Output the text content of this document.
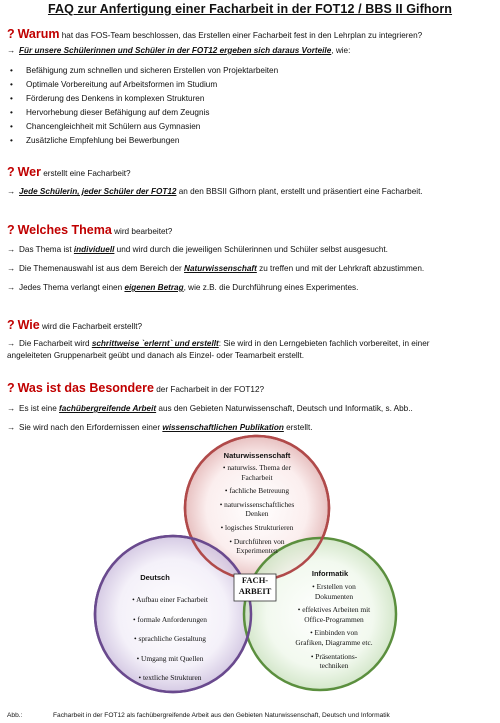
FAQ zur Anfertigung einer Facharbeit in der FOT12 / BBS II Gifhorn
? Warum hat das FOS-Team beschlossen, das Erstellen einer Facharbeit fest in den Lehrplan zu integrieren?
→ Für unsere Schülerinnen und Schüler in der FOT12 ergeben sich daraus Vorteile, wie:
• Befähigung zum schnellen und sicheren Erstellen von Projektarbeiten
• Optimale Vorbereitung auf Arbeitsformen im Studium
• Förderung des Denkens in komplexen Strukturen
• Hervorhebung dieser Befähigung auf dem Zeugnis
• Chancengleichheit mit Schülern aus Gymnasien
• Zusätzliche Empfehlung bei Bewerbungen
? Wer erstellt eine Facharbeit?
→ Jede Schülerin, jeder Schüler der FOT12 an den BBSII Gifhorn plant, erstellt und präsentiert eine Facharbeit.
? Welches Thema wird bearbeitet?
→ Das Thema ist individuell und wird durch die jeweiligen Schülerinnen und Schüler selbst ausgesucht.
→ Die Themenauswahl ist aus dem Bereich der Naturwissenschaft zu treffen und mit der Lehrkraft abzustimmen.
→ Jedes Thema verlangt einen eigenen Betrag, wie z.B. die Durchführung eines Experimentes.
? Wie wird die Facharbeit erstellt?
→ Die Facharbeit wird schrittweise `erlernt` und erstellt: Sie wird in den Lerngebieten fachlich vorbereitet, in einer
angeleiteten Gruppenarbeit geübt und danach als Einzel- oder Teamarbeit erstellt.
? Was ist das Besondere der Facharbeit in der FOT12?
→ Es ist eine fachübergreifende Arbeit aus den Gebieten Naturwissenschaft, Deutsch und Informatik, s. Abb..
→ Sie wird nach den Erfordernissen einer wissenschaftlichen Publikation erstellt.
FACH-
ARBEIT
Naturwissenschaft
• naturwiss. Thema der
Facharbeit
• fachliche Betreuung
• naturwissenschaftliches
Denken
• logisches Strukturieren
• Durchführen von
Experimenten
Deutsch
• Aufbau einer Facharbeit
• formale Anforderungen
• sprachliche Gestaltung
• Umgang mit Quellen
• textliche Strukturen
Informatik
• Erstellen von
Dokumenten
• effektives Arbeiten mit
Office-Programmen
• Einbinden von
Grafiken, Diagramme etc.
• Präsentations-
techniken
Abb.:	Facharbeit in der FOT12 als fachübergreifende Arbeit aus den Gebieten Naturwissenschaft, Deutsch und Informatik
